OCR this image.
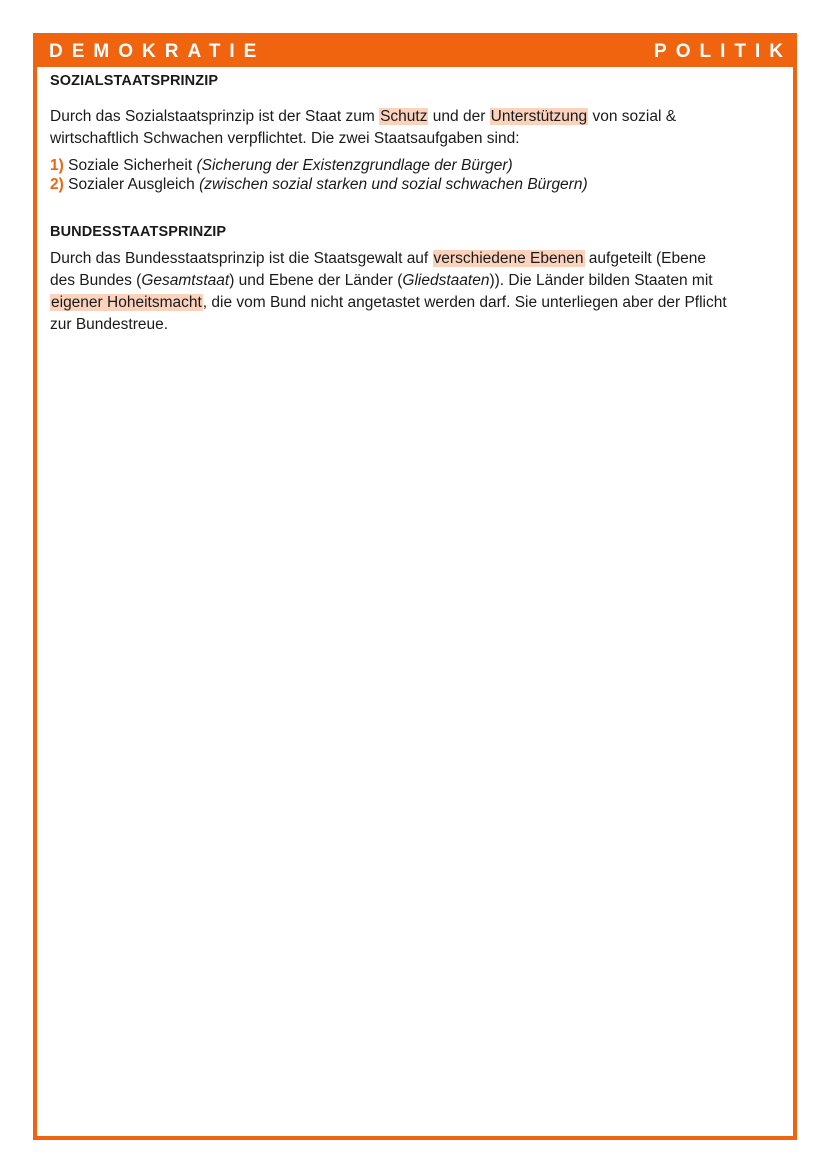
DEMOKRATIE	POLITIK
SOZIALSTAATSPRINZIP

Durch das Sozialstaatsprinzip ist der Staat zum Schutz und der Unterstützung von sozial &
wirtschaftlich Schwachen verpflichtet. Die zwei Staatsaufgaben sind:

1) Soziale Sicherheit (Sicherung der Existenzgrundlage der Bürger)
2) Sozialer Ausgleich (zwischen sozial starken und sozial schwachen Bürgern)
BUNDESSTAATSPRINZIP

Durch das Bundesstaatsprinzip ist die Staatsgewalt auf verschiedene Ebenen aufgeteilt (Ebene
des Bundes (Gesamtstaat) und Ebene der Länder (Gliedstaaten)). Die Länder bilden Staaten mit
eigener Hoheitsmacht, die vom Bund nicht angetastet werden darf. Sie unterliegen aber der Pflicht
zur Bundestreue.
